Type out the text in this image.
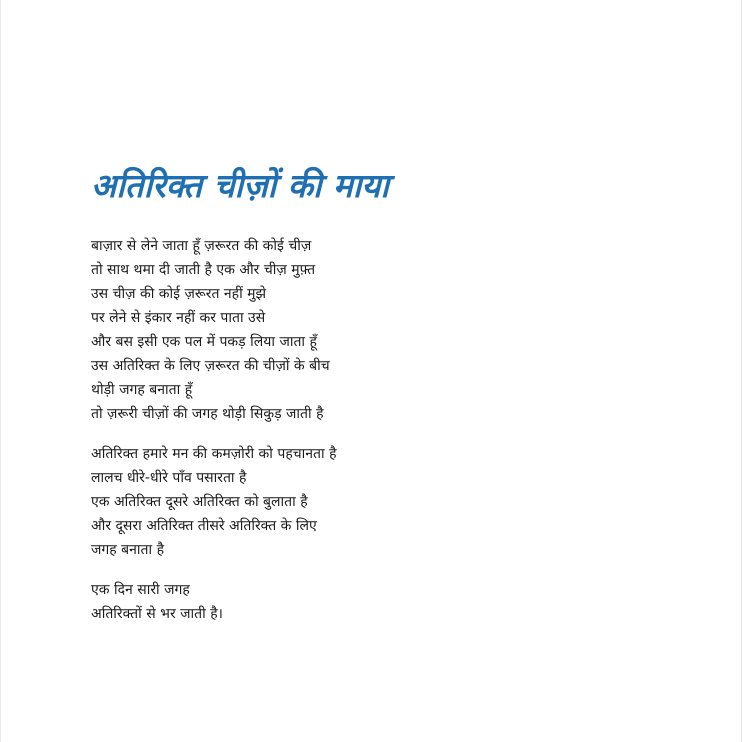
अतिरिक्त चीज़ों की माया
बाज़ार से लेने जाता हूँ ज़रूरत की कोई चीज़
तो साथ थमा दी जाती है एक और चीज़ मुफ़्त
उस चीज़ की कोई ज़रूरत नहीं मुझे
पर लेने से इंकार नहीं कर पाता उसे
और बस इसी एक पल में पकड़ लिया जाता हूँ
उस अतिरिक्त के लिए ज़रूरत की चीज़ों के बीच
थोड़ी जगह बनाता हूँ
तो ज़रूरी चीज़ों की जगह थोड़ी सिकुड़ जाती है
अतिरिक्त हमारे मन की कमज़ोरी को पहचानता है
लालच धीरे-धीरे पाँव पसारता है
एक अतिरिक्त दूसरे अतिरिक्त को बुलाता है
और दूसरा अतिरिक्त तीसरे अतिरिक्त के लिए
जगह बनाता है
एक दिन सारी जगह
अतिरिक्तों से भर जाती है।
